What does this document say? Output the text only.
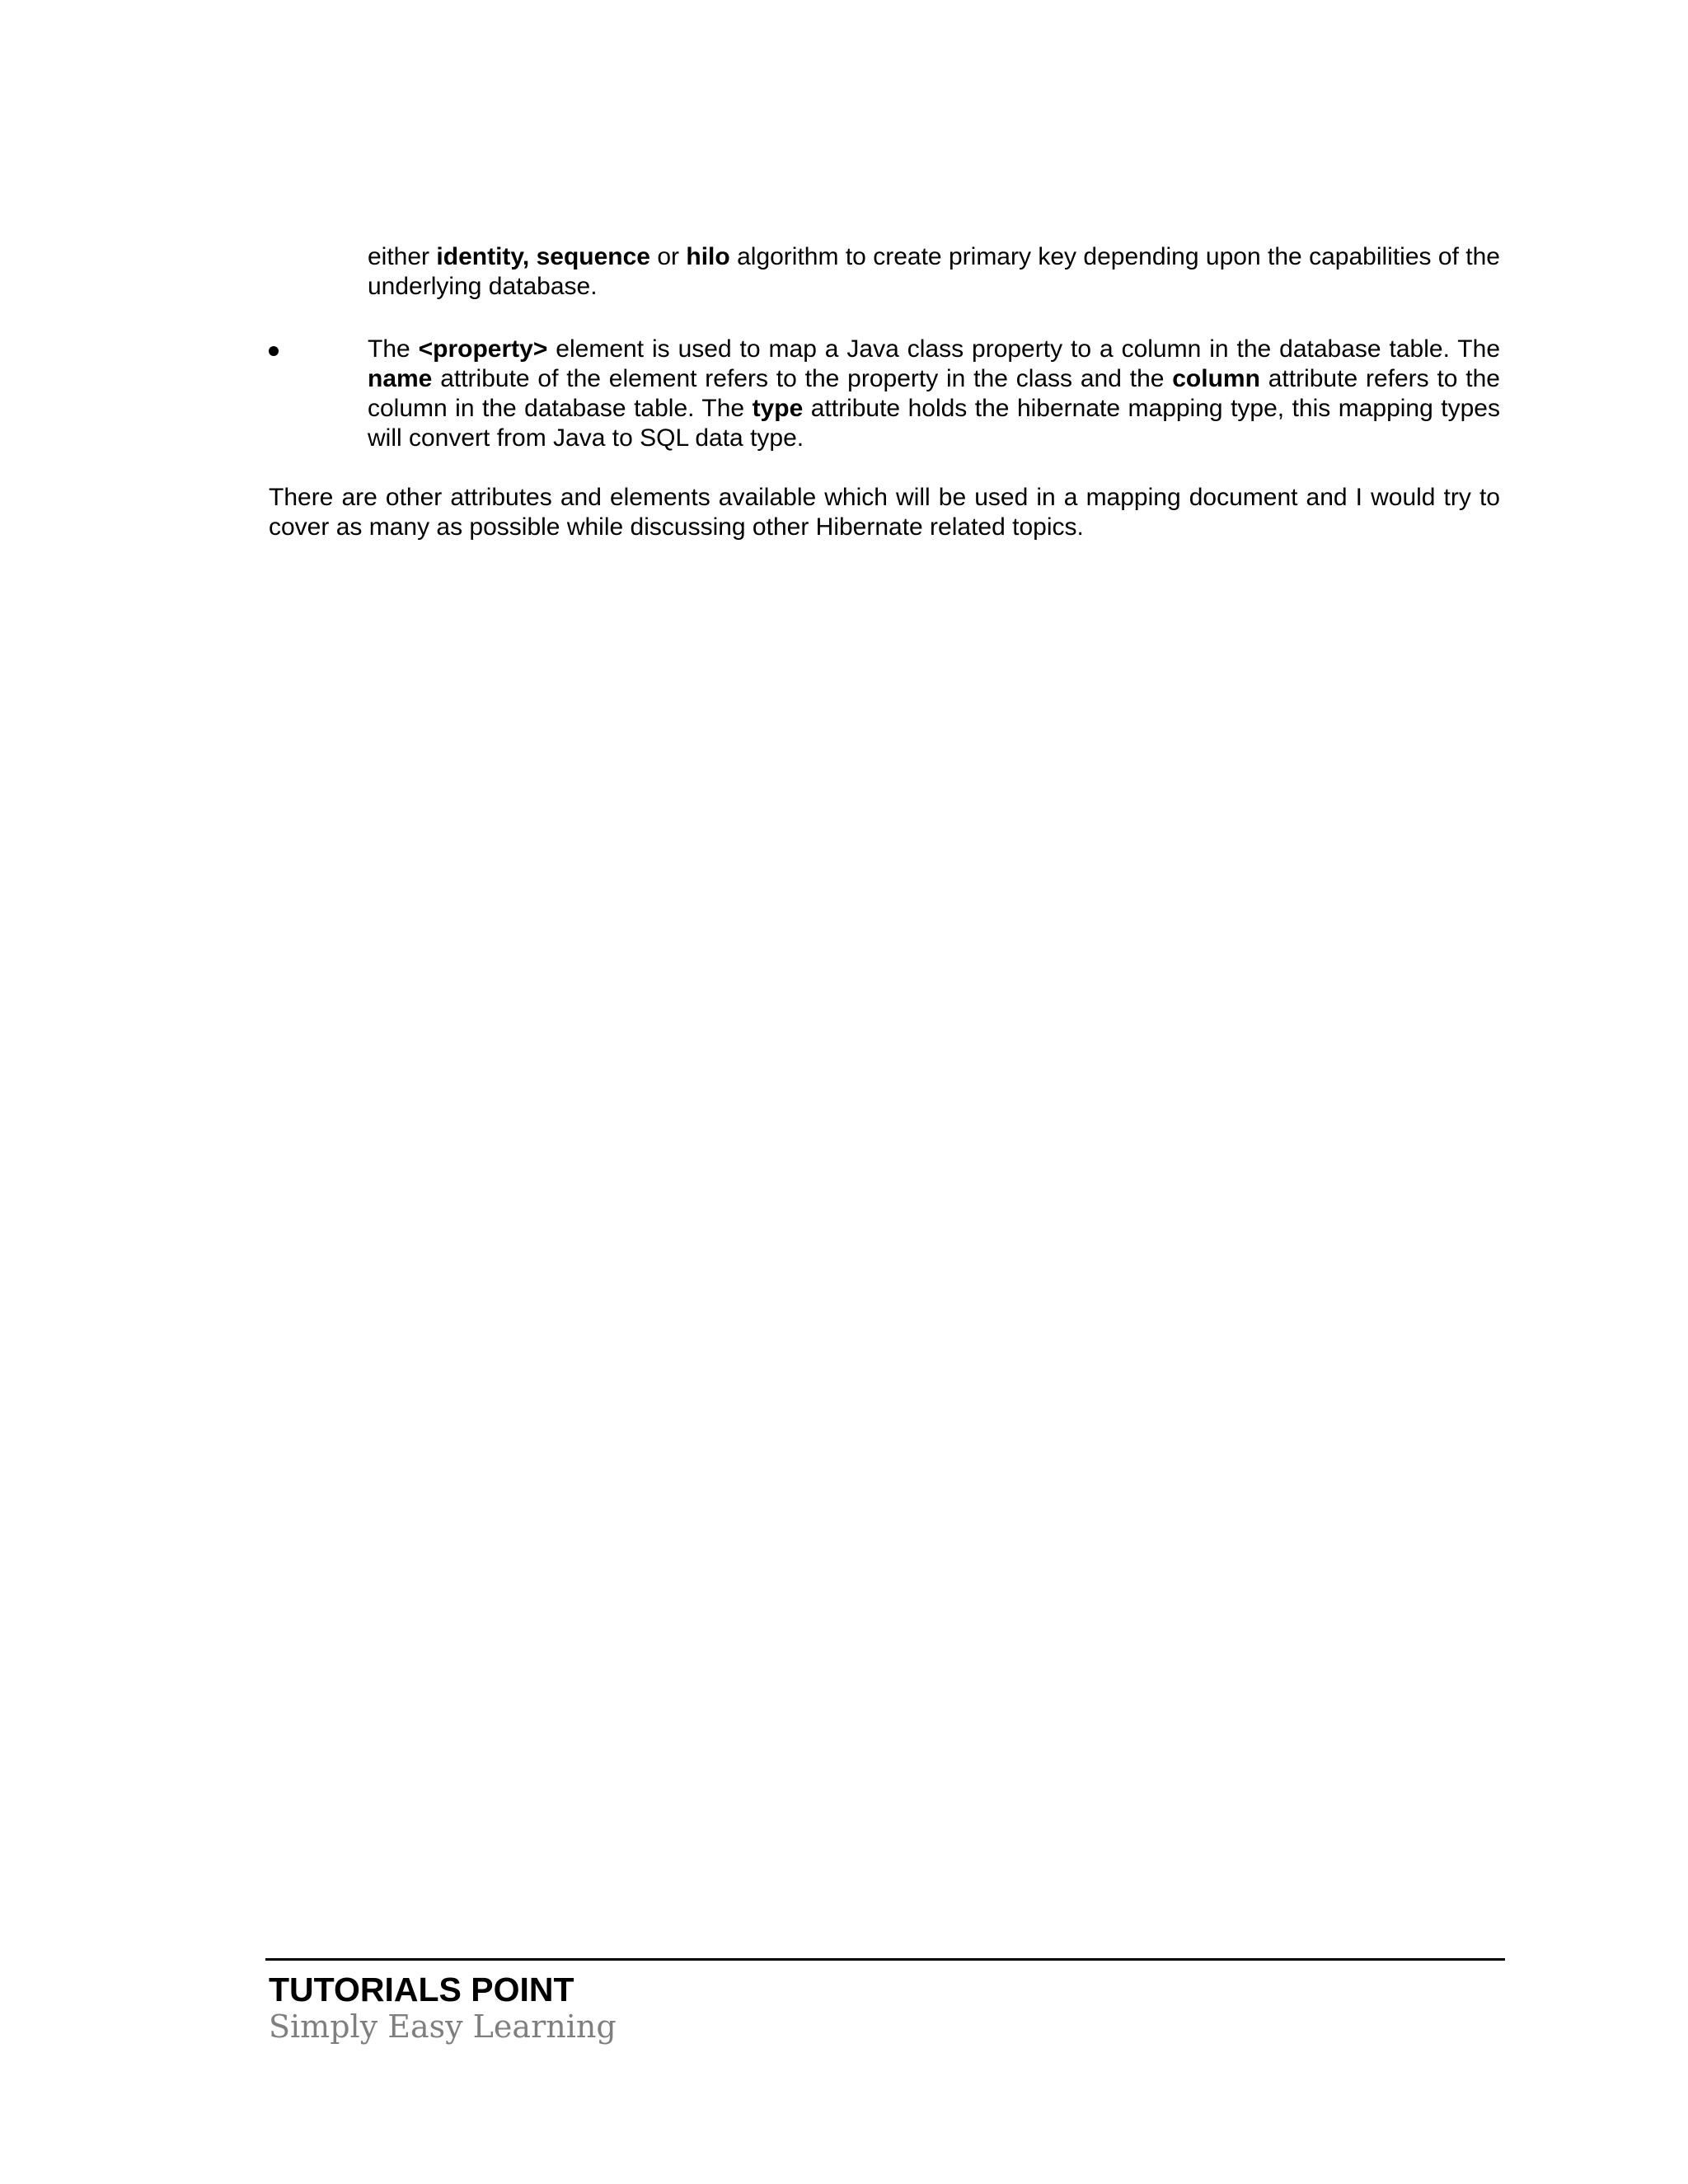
either identity, sequence or hilo algorithm to create primary key depending upon the capabilities of the underlying database.

The <property> element is used to map a Java class property to a column in the database table. The name attribute of the element refers to the property in the class and the column attribute refers to the column in the database table. The type attribute holds the hibernate mapping type, this mapping types will convert from Java to SQL data type.

There are other attributes and elements available which will be used in a mapping document and I would try to cover as many as possible while discussing other Hibernate related topics.

TUTORIALS POINT
Simply Easy Learning
